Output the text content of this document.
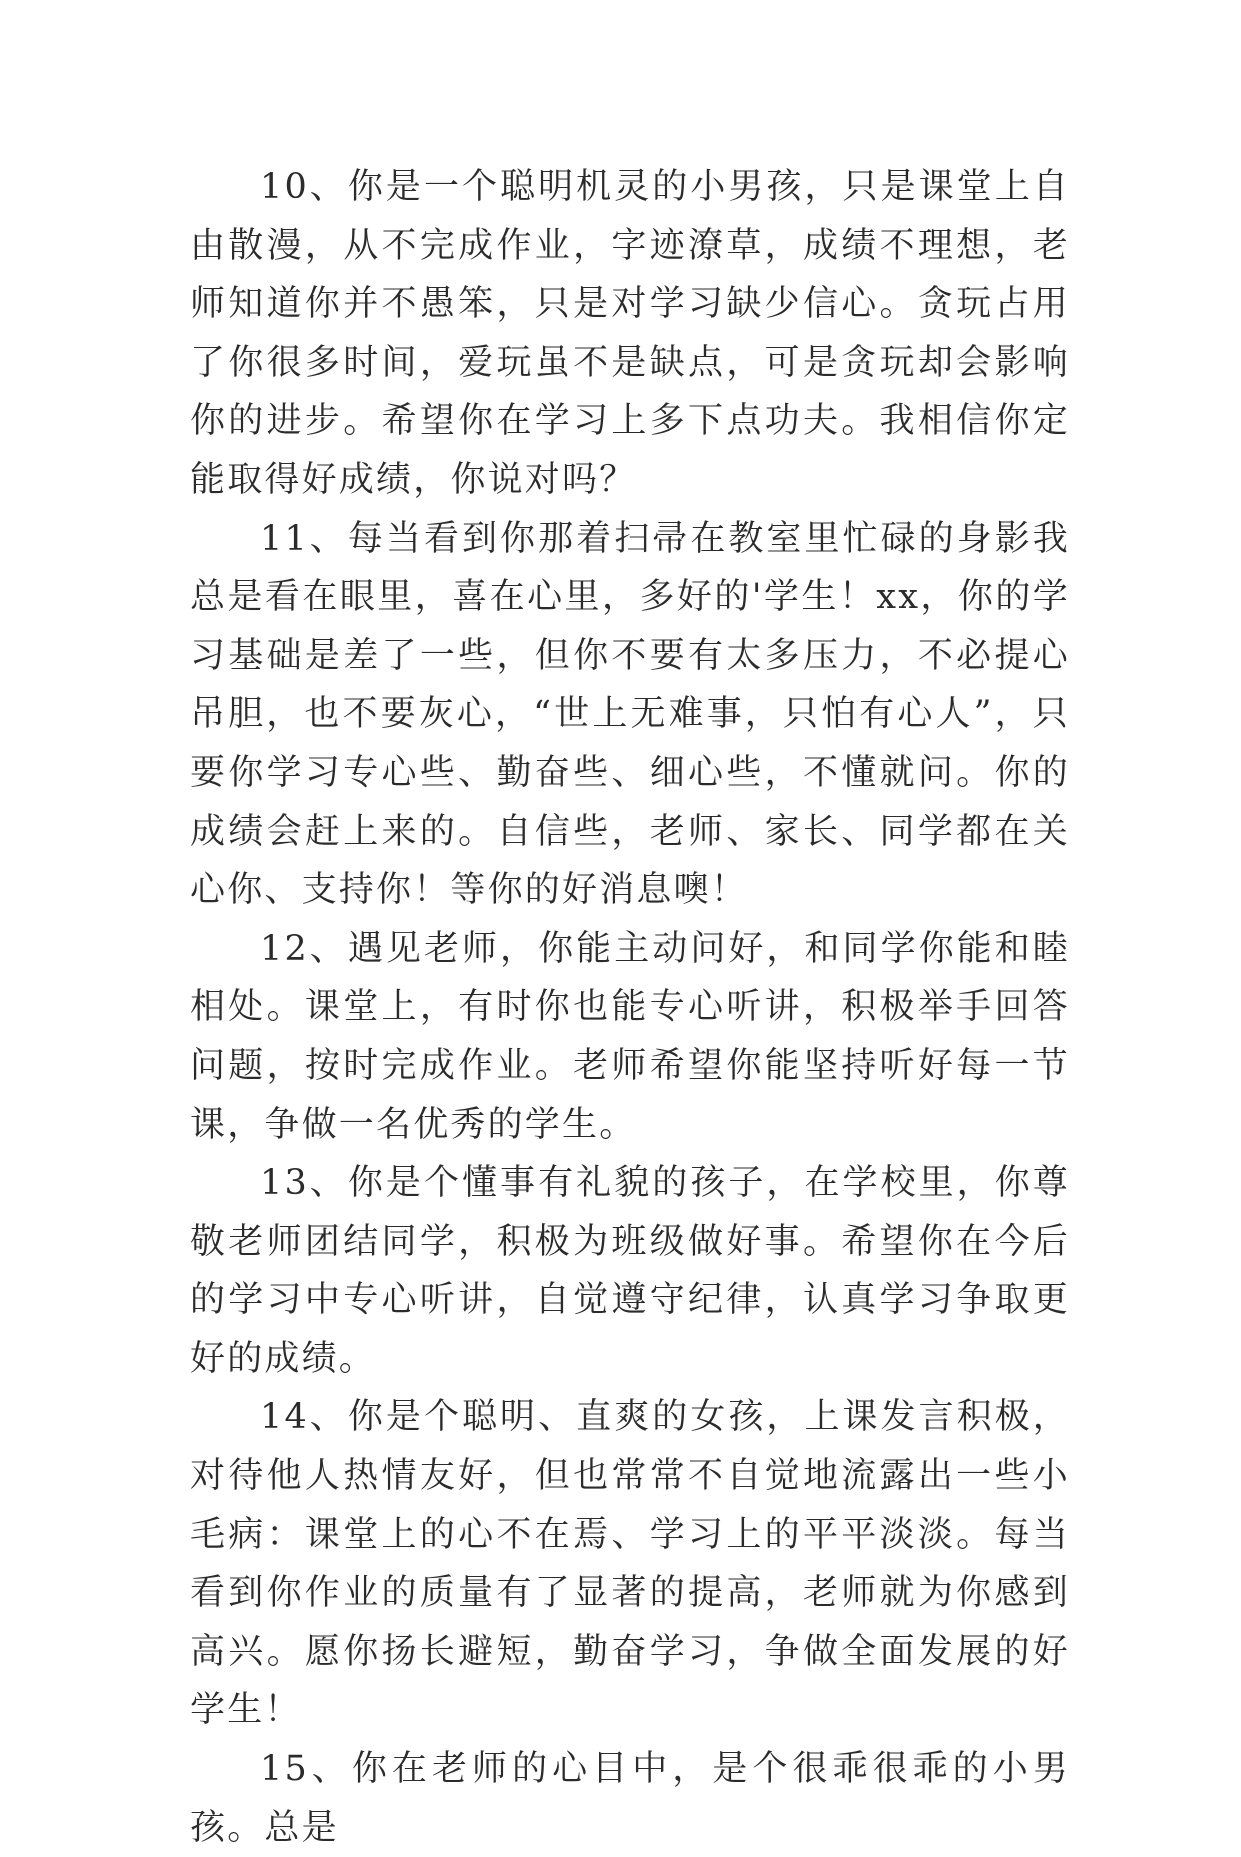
10、你是一个聪明机灵的小男孩，只是课堂上自由散漫，从不完成作业，字迹潦草，成绩不理想，老师知道你并不愚笨，只是对学习缺少信心。贪玩占用了你很多时间，爱玩虽不是缺点，可是贪玩却会影响你的进步。希望你在学习上多下点功夫。我相信你定能取得好成绩，你说对吗？

11、每当看到你那着扫帚在教室里忙碌的身影我总是看在眼里，喜在心里，多好的'学生！xx，你的学习基础是差了一些，但你不要有太多压力，不必提心吊胆，也不要灰心，“世上无难事，只怕有心人”，只要你学习专心些、勤奋些、细心些，不懂就问。你的成绩会赶上来的。自信些，老师、家长、同学都在关心你、支持你！等你的好消息噢！

12、遇见老师，你能主动问好，和同学你能和睦相处。课堂上，有时你也能专心听讲，积极举手回答问题，按时完成作业。老师希望你能坚持听好每一节课，争做一名优秀的学生。

13、你是个懂事有礼貌的孩子，在学校里，你尊敬老师团结同学，积极为班级做好事。希望你在今后的学习中专心听讲，自觉遵守纪律，认真学习争取更好的成绩。

14、你是个聪明、直爽的女孩，上课发言积极，对待他人热情友好，但也常常不自觉地流露出一些小毛病：课堂上的心不在焉、学习上的平平淡淡。每当看到你作业的质量有了显著的提高，老师就为你感到高兴。愿你扬长避短，勤奋学习，争做全面发展的好学生！

15、你在老师的心目中，是个很乖很乖的小男孩。总是
